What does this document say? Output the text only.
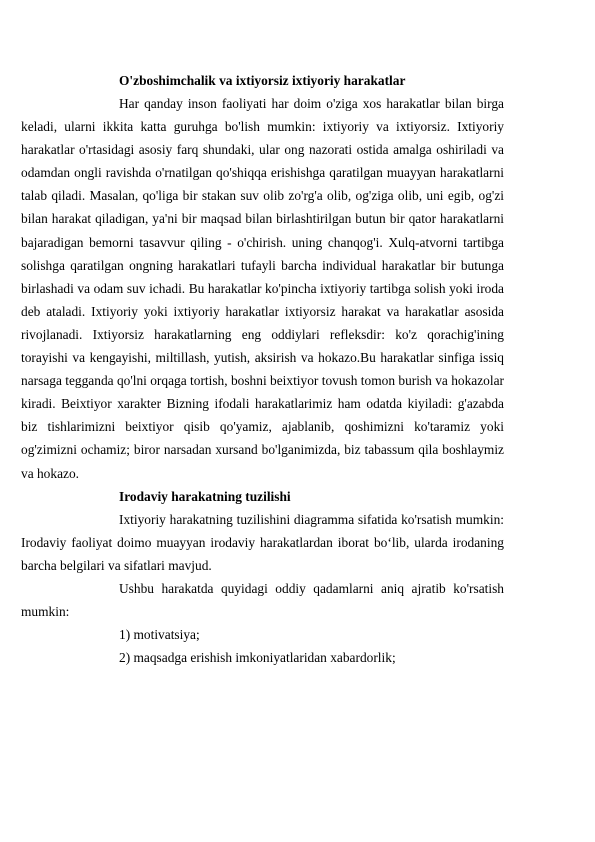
O'zboshimchalik va ixtiyorsiz ixtiyoriy harakatlar

Har qanday inson faoliyati har doim o'ziga xos harakatlar bilan birga keladi, ularni ikkita katta guruhga bo'lish mumkin: ixtiyoriy va ixtiyorsiz. Ixtiyoriy harakatlar o'rtasidagi asosiy farq shundaki, ular ong nazorati ostida amalga oshiriladi va odamdan ongli ravishda o'rnatilgan qo'shiqqa erishishga qaratilgan muayyan harakatlarni talab qiladi. Masalan, qo'liga bir stakan suv olib zo'rg'a olib, og'ziga olib, uni egib, og'zi bilan harakat qiladigan, ya'ni bir maqsad bilan birlashtirilgan butun bir qator harakatlarni bajaradigan bemorni tasavvur qiling - o'chirish. uning chanqog'i. Xulq-atvorni tartibga solishga qaratilgan ongning harakatlari tufayli barcha individual harakatlar bir butunga birlashadi va odam suv ichadi. Bu harakatlar ko'pincha ixtiyoriy tartibga solish yoki iroda deb ataladi. Ixtiyoriy yoki ixtiyoriy harakatlar ixtiyorsiz harakat va harakatlar asosida rivojlanadi. Ixtiyorsiz harakatlarning eng oddiylari refleksdir: ko'z qorachig'ining torayishi va kengayishi, miltillash, yutish, aksirish va hokazo.Bu harakatlar sinfiga issiq narsaga tegganda qo'lni orqaga tortish, boshni beixtiyor tovush tomon burish va hokazolar kiradi. Beixtiyor xarakter Bizning ifodali harakatlarimiz ham odatda kiyiladi: g'azabda biz tishlarimizni beixtiyor qisib qo'yamiz, ajablanib, qoshimizni ko'taramiz yoki og'zimizni ochamiz; biror narsadan xursand bo'lganimizda, biz tabassum qila boshlaymiz va hokazo.

Irodaviy harakatning tuzilishi

Ixtiyoriy harakatning tuzilishini diagramma sifatida ko'rsatish mumkin: Irodaviy faoliyat doimo muayyan irodaviy harakatlardan iborat bo‘lib, ularda irodaning barcha belgilari va sifatlari mavjud.

Ushbu harakatda quyidagi oddiy qadamlarni aniq ajratib ko'rsatish mumkin:

1) motivatsiya;

2) maqsadga erishish imkoniyatlaridan xabardorlik;
